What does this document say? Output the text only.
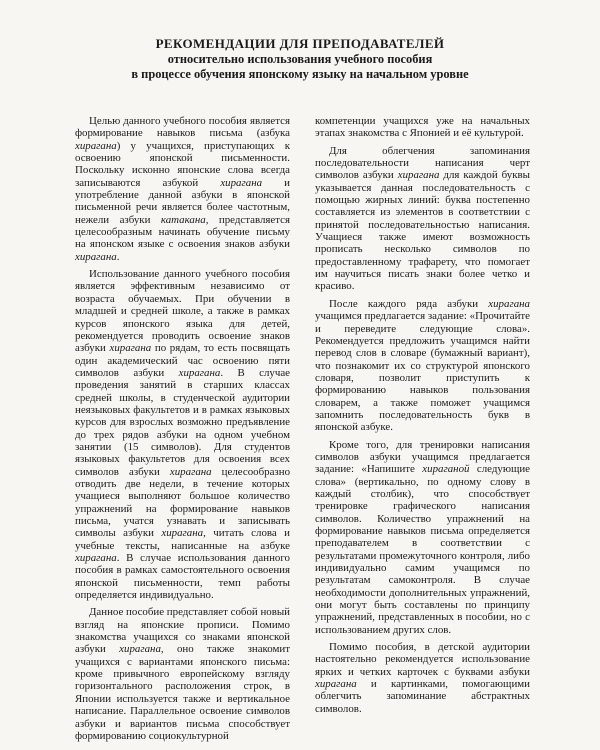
РЕКОМЕНДАЦИИ ДЛЯ ПРЕПОДАВАТЕЛЕЙ

относительно использования учебного пособия

в процессе обучения японскому языку на начальном уровне

Целью данного учебного пособия является формирование навыков письма (азбука хирагана) у учащихся, приступающих к освоению японской письменности. Поскольку исконно японские слова всегда записываются азбукой хирагана и употребление данной азбуки в японской письменной речи является более частотным, нежели азбуки катакана, представляется целесообразным начинать обучение письму на японском языке с освоения знаков азбуки хирагана.

Использование данного учебного пособия является эффективным независимо от возраста обучаемых. При обучении в младшей и средней школе, а также в рамках курсов японского языка для детей, рекомендуется проводить освоение знаков азбуки хирагана по рядам, то есть посвящать один академический час освоению пяти символов азбуки хирагана. В случае проведения занятий в старших классах средней школы, в студенческой аудитории неязыковых факультетов и в рамках языковых курсов для взрослых возможно предъявление до трех рядов азбуки на одном учебном занятии (15 символов). Для студентов языковых факультетов для освоения всех символов азбуки хирагана целесообразно отводить две недели, в течение которых учащиеся выполняют большое количество упражнений на формирование навыков письма, учатся узнавать и записывать символы азбуки хирагана, читать слова и учебные тексты, написанные на азбуке хирагана. В случае использования данного пособия в рамках самостоятельного освоения японской письменности, темп работы определяется индивидуально.

Данное пособие представляет собой новый взгляд на японские прописи. Помимо знакомства учащихся со знаками японской азбуки хирагана, оно также знакомит учащихся с вариантами японского письма: кроме привычного европейскому взгляду горизонтального расположения строк, в Японии используется также и вертикальное написание. Параллельное освоение символов азбуки и вариантов письма способствует формированию социокультурной

компетенции учащихся уже на начальных этапах знакомства с Японией и её культурой.

Для облегчения запоминания последовательности написания черт символов азбуки хирагана для каждой буквы указывается данная последовательность с помощью жирных линий: буква постепенно составляется из элементов в соответствии с принятой последовательностью написания. Учащиеся также имеют возможность прописать несколько символов по предоставленному трафарету, что помогает им научиться писать знаки более четко и красиво.

После каждого ряда азбуки хирагана учащимся предлагается задание: «Прочитайте и переведите следующие слова». Рекомендуется предложить учащимся найти перевод слов в словаре (бумажный вариант), что познакомит их со структурой японского словаря, позволит приступить к формированию навыков пользования словарем, а также поможет учащимся запомнить последовательность букв в японской азбуке.

Кроме того, для тренировки написания символов азбуки учащимся предлагается задание: «Напишите хираганой следующие слова» (вертикально, по одному слову в каждый столбик), что способствует тренировке графического написания символов. Количество упражнений на формирование навыков письма определяется преподавателем в соответствии с результатами промежуточного контроля, либо индивидуально самим учащимся по результатам самоконтроля. В случае необходимости дополнительных упражнений, они могут быть составлены по принципу упражнений, представленных в пособии, но с использованием других слов.

Помимо пособия, в детской аудитории настоятельно рекомендуется использование ярких и четких карточек с буквами азбуки хирагана и картинками, помогающими облегчить запоминание абстрактных символов.
